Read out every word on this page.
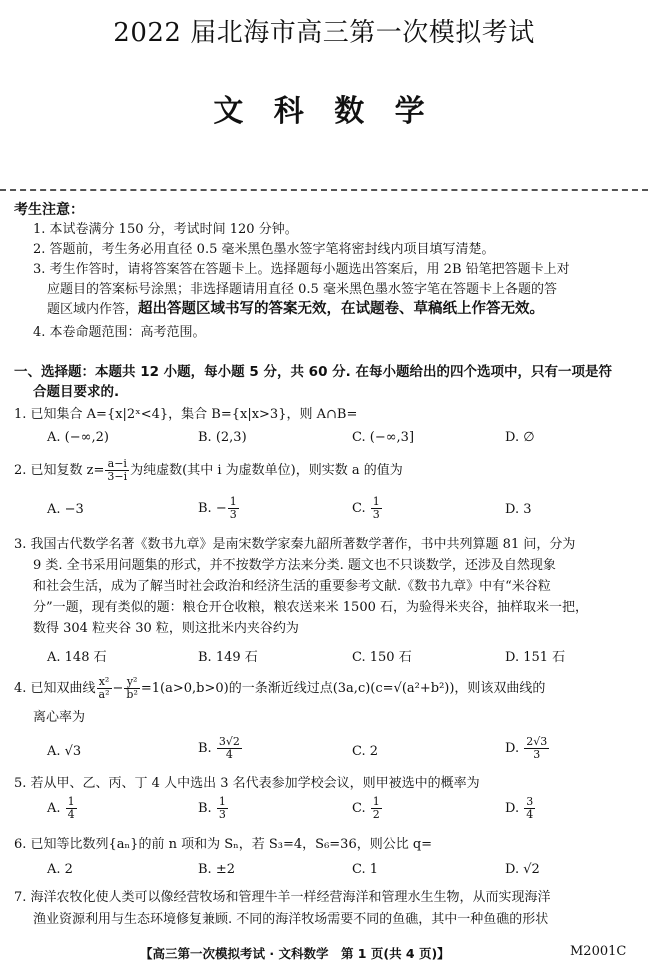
2022 届北海市高三第一次模拟考试
文 科 数 学
考生注意：
1. 本试卷满分 150 分，考试时间 120 分钟。
2. 答题前，考生务必用直径 0.5 毫米黑色墨水签字笔将密封线内项目填写清楚。
3. 考生作答时，请将答案答在答题卡上。选择题每小题选出答案后，用 2B 铅笔把答题卡上对
应题目的答案标号涂黑；非选择题请用直径 0.5 毫米黑色墨水签字笔在答题卡上各题的答
题区域内作答，超出答题区域书写的答案无效，在试题卷、草稿纸上作答无效。
4. 本卷命题范围：高考范围。
一、选择题：本题共 12 小题，每小题 5 分，共 60 分. 在每小题给出的四个选项中，只有一项是符
合题目要求的.
1. 已知集合 A={x|2ˣ<4}，集合 B={x|x>3}，则 A∩B=
A. (−∞,2)	B. (2,3)	C. (−∞,3]	D. ∅
2. 已知复数 $z= \frac{a-i}{3-i}$ 为纯虚数(其中 i 为虚数单位)，则实数 a 的值为
A. −3	B. − $\frac{1}{3}$	C. $\frac{1}{3}$	D. 3
3. 我国古代数学名著《数书九章》是南宋数学家秦九韶所著数学著作，书中共列算题 81 问，分为
9 类. 全书采用问题集的形式，并不按数学方法来分类. 题文也不只谈数学，还涉及自然现象
和社会生活，成为了解当时社会政治和经济生活的重要参考文献.《数书九章》中有“米谷粒
分”一题，现有类似的题：粮仓开仓收粮，粮农送来米 1500 石，为验得米夹谷，抽样取米一把，
数得 304 粒夹谷 30 粒，则这批米内夹谷约为
A. 148 石	B. 149 石	C. 150 石	D. 151 石
4. 已知双曲线 $\frac{\text{x²}}{\text{a²}} - \frac{\text{y²}}{\text{b²}} =1(a>0,b>0)$的一条渐近线过点(3a,c)(c=√(a²+b²))，则该双曲线的
离心率为
A. √3	B. $\frac{3√2}{4}$	C. 2	D. $\frac{2√3}{3}$
5. 若从甲、乙、丙、丁 4 人中选出 3 名代表参加学校会议，则甲被选中的概率为
A. $\frac{1}{4}$	B. $\frac{1}{3}$	C. $\frac{1}{2}$	D. $\frac{3}{4}$
6. 已知等比数列{aₙ}的前 n 项和为 Sₙ，若 S₃=4，S₆=36，则公比 q=
A. 2	B. ±2	C. 1	D. √2
7. 海洋农牧化使人类可以像经营牧场和管理牛羊一样经营海洋和管理水生生物，从而实现海洋
渔业资源利用与生态环境修复兼顾. 不同的海洋牧场需要不同的鱼礁，其中一种鱼礁的形状
【高三第一次模拟考试 · 文科数学　第 1 页(共 4 页)】	M2001C
